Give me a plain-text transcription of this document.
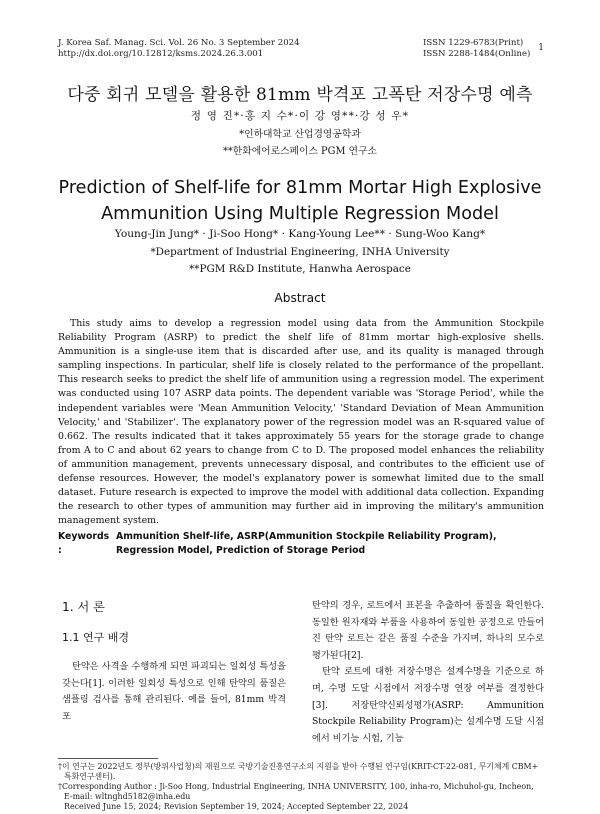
J. Korea Saf. Manag. Sci. Vol. 26 No. 3 September 2024
http://dx.doi.org/10.12812/ksms.2024.26.3.001
ISSN 1229-6783(Print)
ISSN 2288-1484(Online)
1
다중 회귀 모델을 활용한 81mm 박격포 고폭탄 저장수명 예측
정 영 진*·홍 지 수*·이 강 영**·강 성 우*
*인하대학교 산업경영공학과
**한화에어로스페이스 PGM 연구소
Prediction of Shelf-life for 81mm Mortar High Explosive
Ammunition Using Multiple Regression Model
Young-Jin Jung* · Ji-Soo Hong* · Kang-Young Lee** · Sung-Woo Kang*
*Department of Industrial Engineering, INHA University
**PGM R&D Institute, Hanwha Aerospace
Abstract
This study aims to develop a regression model using data from the Ammunition Stockpile Reliability Program (ASRP) to predict the shelf life of 81mm mortar high-explosive shells. Ammunition is a single-use item that is discarded after use, and its quality is managed through sampling inspections. In particular, shelf life is closely related to the performance of the propellant. This research seeks to predict the shelf life of ammunition using a regression model. The experiment was conducted using 107 ASRP data points. The dependent variable was 'Storage Period', while the independent variables were 'Mean Ammunition Velocity,' 'Standard Deviation of Mean Ammunition Velocity,' and 'Stabilizer'. The explanatory power of the regression model was an R-squared value of 0.662. The results indicated that it takes approximately 55 years for the storage grade to change from A to C and about 62 years to change from C to D. The proposed model enhances the reliability of ammunition management, prevents unnecessary disposal, and contributes to the efficient use of defense resources. However, the model's explanatory power is somewhat limited due to the small dataset. Future research is expected to improve the model with additional data collection. Expanding the research to other types of ammunition may further aid in improving the military's ammunition management system.
Keywords :
Ammunition Shelf-life, ASRP(Ammunition Stockpile Reliability Program), Regression Model, Prediction of Storage Period
1. 서 론
1.1 연구 배경
탄약은 사격을 수행하게 되면 파괴되는 일회성 특성을 갖는다[1]. 이러한 일회성 특성으로 인해 탄약의 품질은 샘플링 검사를 통해 관리된다. 예를 들어, 81mm 박격포
탄약의 경우, 로트에서 표본을 추출하여 품질을 확인한다. 동일한 원자재와 부품을 사용하여 동일한 공정으로 만들어진 탄약 로트는 같은 품질 수준을 가지며, 하나의 모수로 평가된다[2].
탄약 로트에 대한 저장수명은 설계수명을 기준으로 하며, 수명 도달 시점에서 저장수명 연장 여부를 결정한다[3]. 저장탄약신뢰성평가(ASRP: Ammunition Stockpile Reliability Program)는 설계수명 도달 시점에서 비기능 시험, 기능

†이 연구는 2022년도 정부(방위사업청)의 재원으로 국방기술진흥연구소의 지원을 받아 수행된 연구임(KRIT-CT-22-081, 무기체계 CBM+ 특화연구센터).

†Corresponding Author : Ji-Soo Hong, Industrial Engineering, INHA UNIVERSITY, 100, inha-ro, Michuhol-gu, Incheon, E-mail: wltnghd5182@inha.edu

Received June 15, 2024; Revision September 19, 2024; Accepted September 22, 2024
